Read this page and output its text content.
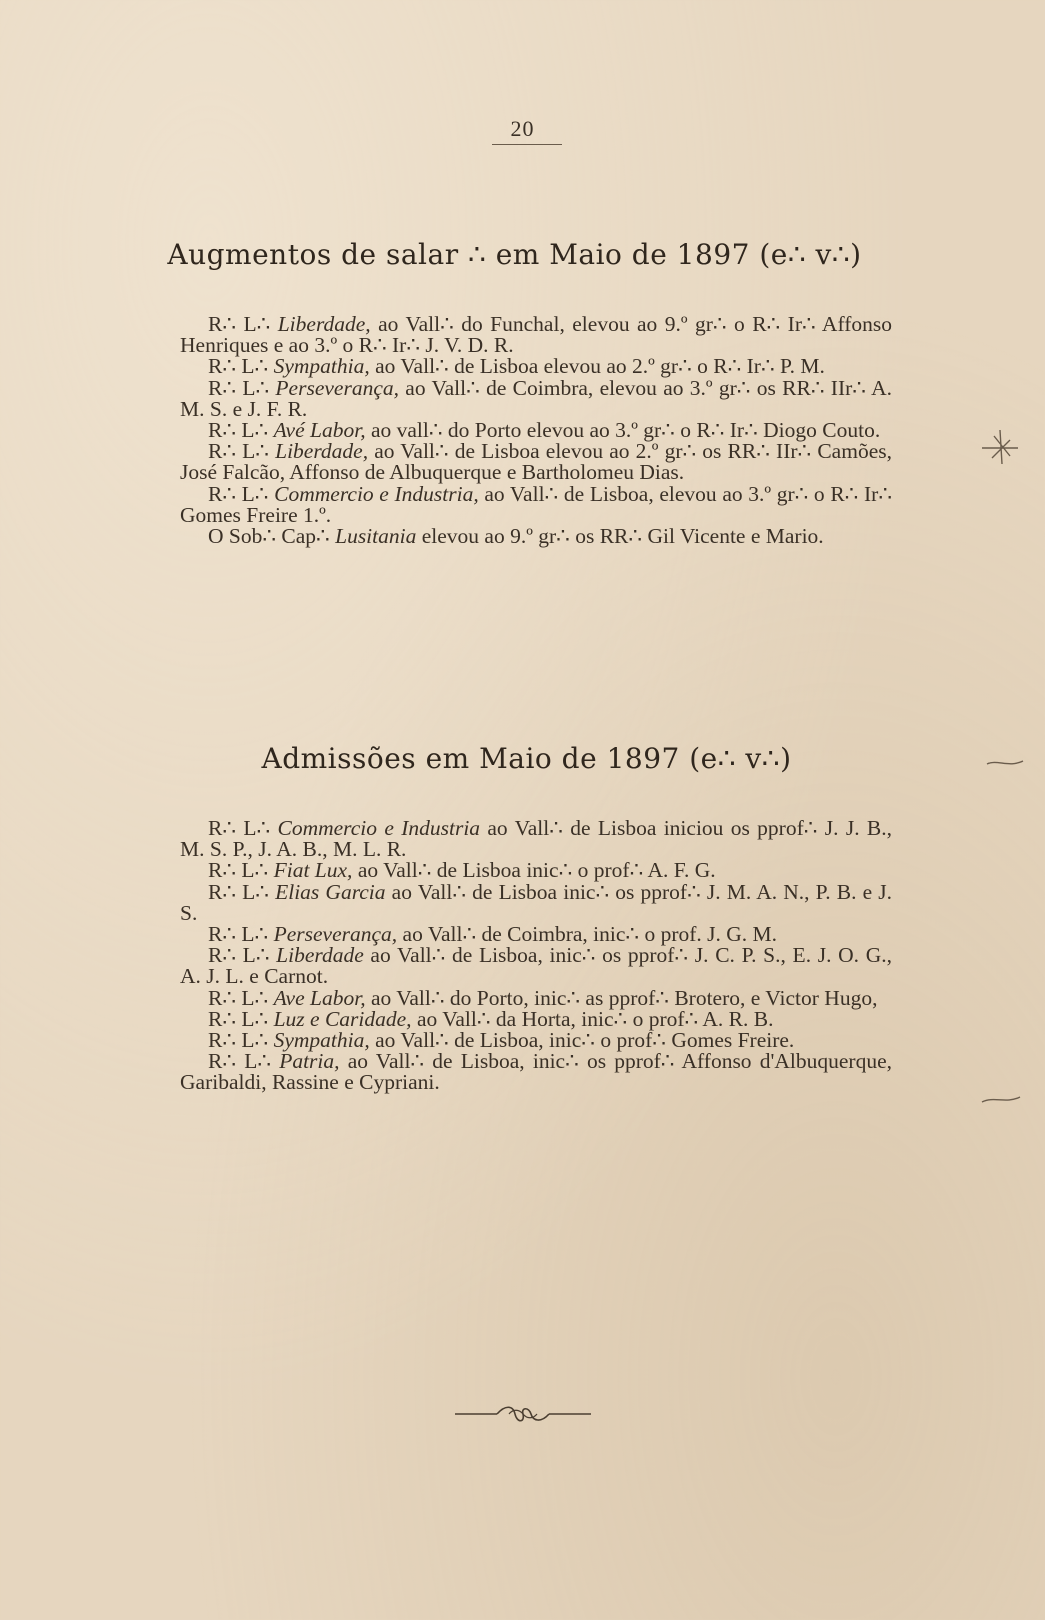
20
Augmentos de salar ∴ em Maio de 1897 (e∴ v∴)

R∴ L∴ Liberdade, ao Vall∴ do Funchal, elevou ao 9.º gr∴ o R∴ Ir∴ Affonso Henriques e ao 3.º o R∴ Ir∴ J. V. D. R.

R∴ L∴ Sympathia, ao Vall∴ de Lisboa elevou ao 2.º gr∴ o R∴ Ir∴ P. M.

R∴ L∴ Perseverança, ao Vall∴ de Coimbra, elevou ao 3.º gr∴ os RR∴ IIr∴ A. M. S. e J. F. R.

R∴ L∴ Avé Labor, ao vall∴ do Porto elevou ao 3.º gr∴ o R∴ Ir∴ Diogo Couto.

R∴ L∴ Liberdade, ao Vall∴ de Lisboa elevou ao 2.º gr∴ os RR∴ IIr∴ Camões, José Falcão, Affonso de Albuquerque e Bartholomeu Dias.

R∴ L∴ Commercio e Industria, ao Vall∴ de Lisboa, elevou ao 3.º gr∴ o R∴ Ir∴ Gomes Freire 1.º.

O Sob∴ Cap∴ Lusitania elevou ao 9.º gr∴ os RR∴ Gil Vicente e Mario.

Admissões em Maio de 1897 (e∴ v∴)

R∴ L∴ Commercio e Industria ao Vall∴ de Lisboa iniciou os pprof∴ J. J. B., M. S. P., J. A. B., M. L. R.

R∴ L∴ Fiat Lux, ao Vall∴ de Lisboa inic∴ o prof∴ A. F. G.

R∴ L∴ Elias Garcia ao Vall∴ de Lisboa inic∴ os pprof∴ J. M. A. N., P. B. e J. S.

R∴ L∴ Perseverança, ao Vall∴ de Coimbra, inic∴ o prof. J. G. M.

R∴ L∴ Liberdade ao Vall∴ de Lisboa, inic∴ os pprof∴ J. C. P. S., E. J. O. G., A. J. L. e Carnot.

R∴ L∴ Ave Labor, ao Vall∴ do Porto, inic∴ as pprof∴ Brotero, e Victor Hugo,

R∴ L∴ Luz e Caridade, ao Vall∴ da Horta, inic∴ o prof∴ A. R. B.

R∴ L∴ Sympathia, ao Vall∴ de Lisboa, inic∴ o prof∴ Gomes Freire.

R∴ L∴ Patria, ao Vall∴ de Lisboa, inic∴ os pprof∴ Affonso d'Albuquerque, Garibaldi, Rassine e Cypriani.
